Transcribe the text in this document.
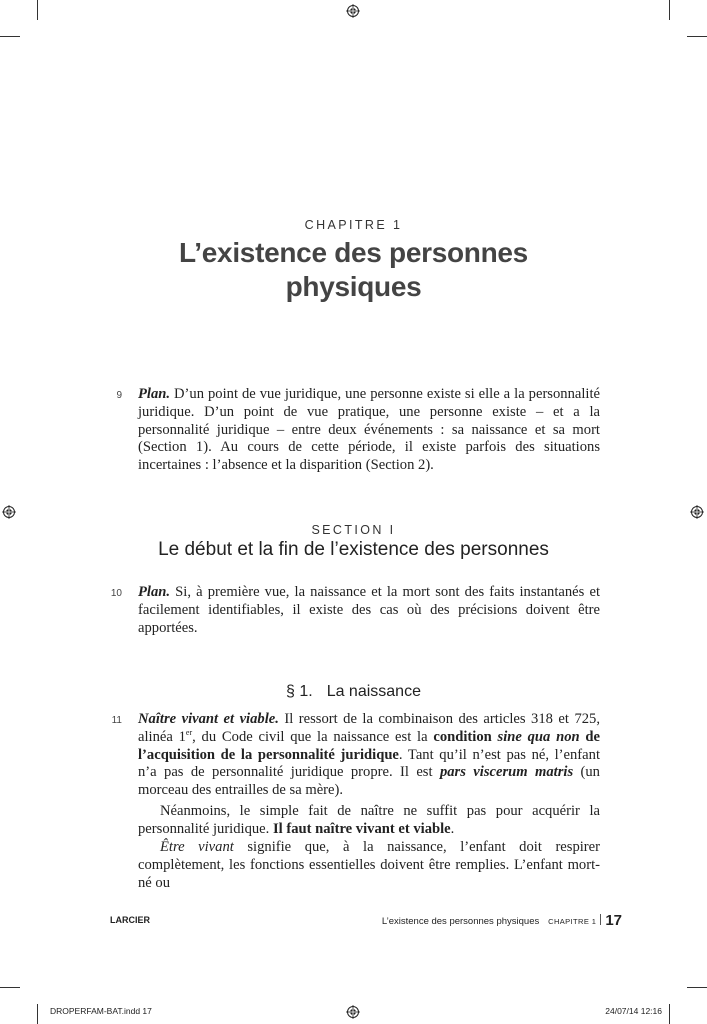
CHAPITRE 1
L’existence des personnes
physiques
9 Plan. D’un point de vue juridique, une personne existe si elle a la personnalité juridique. D’un point de vue pratique, une personne existe – et a la personnalité juridique – entre deux événements : sa naissance et sa mort (Section 1). Au cours de cette période, il existe parfois des situations incertaines : l’absence et la disparition (Section 2).
SECTION I
Le début et la fin de l’existence des personnes
10 Plan. Si, à première vue, la naissance et la mort sont des faits instantanés et facilement identifiables, il existe des cas où des précisions doivent être apportées.
§ 1. La naissance
11 Naître vivant et viable. Il ressort de la combinaison des articles 318 et 725, alinéa 1er, du Code civil que la naissance est la condition sine qua non de l’acquisition de la personnalité juridique. Tant qu’il n’est pas né, l’enfant n’a pas de personnalité juridique propre. Il est pars viscerum matris (un morceau des entrailles de sa mère).
Néanmoins, le simple fait de naître ne suffit pas pour acquérir la personnalité juridique. Il faut naître vivant et viable.
Être vivant signifie que, à la naissance, l’enfant doit respirer complètement, les fonctions essentielles doivent être remplies. L’enfant mort-né ou
LARCIER	L’existence des personnes physiques CHAPITRE 1 17
DROPERFAM-BAT.indd 17	24/07/14 12:16
